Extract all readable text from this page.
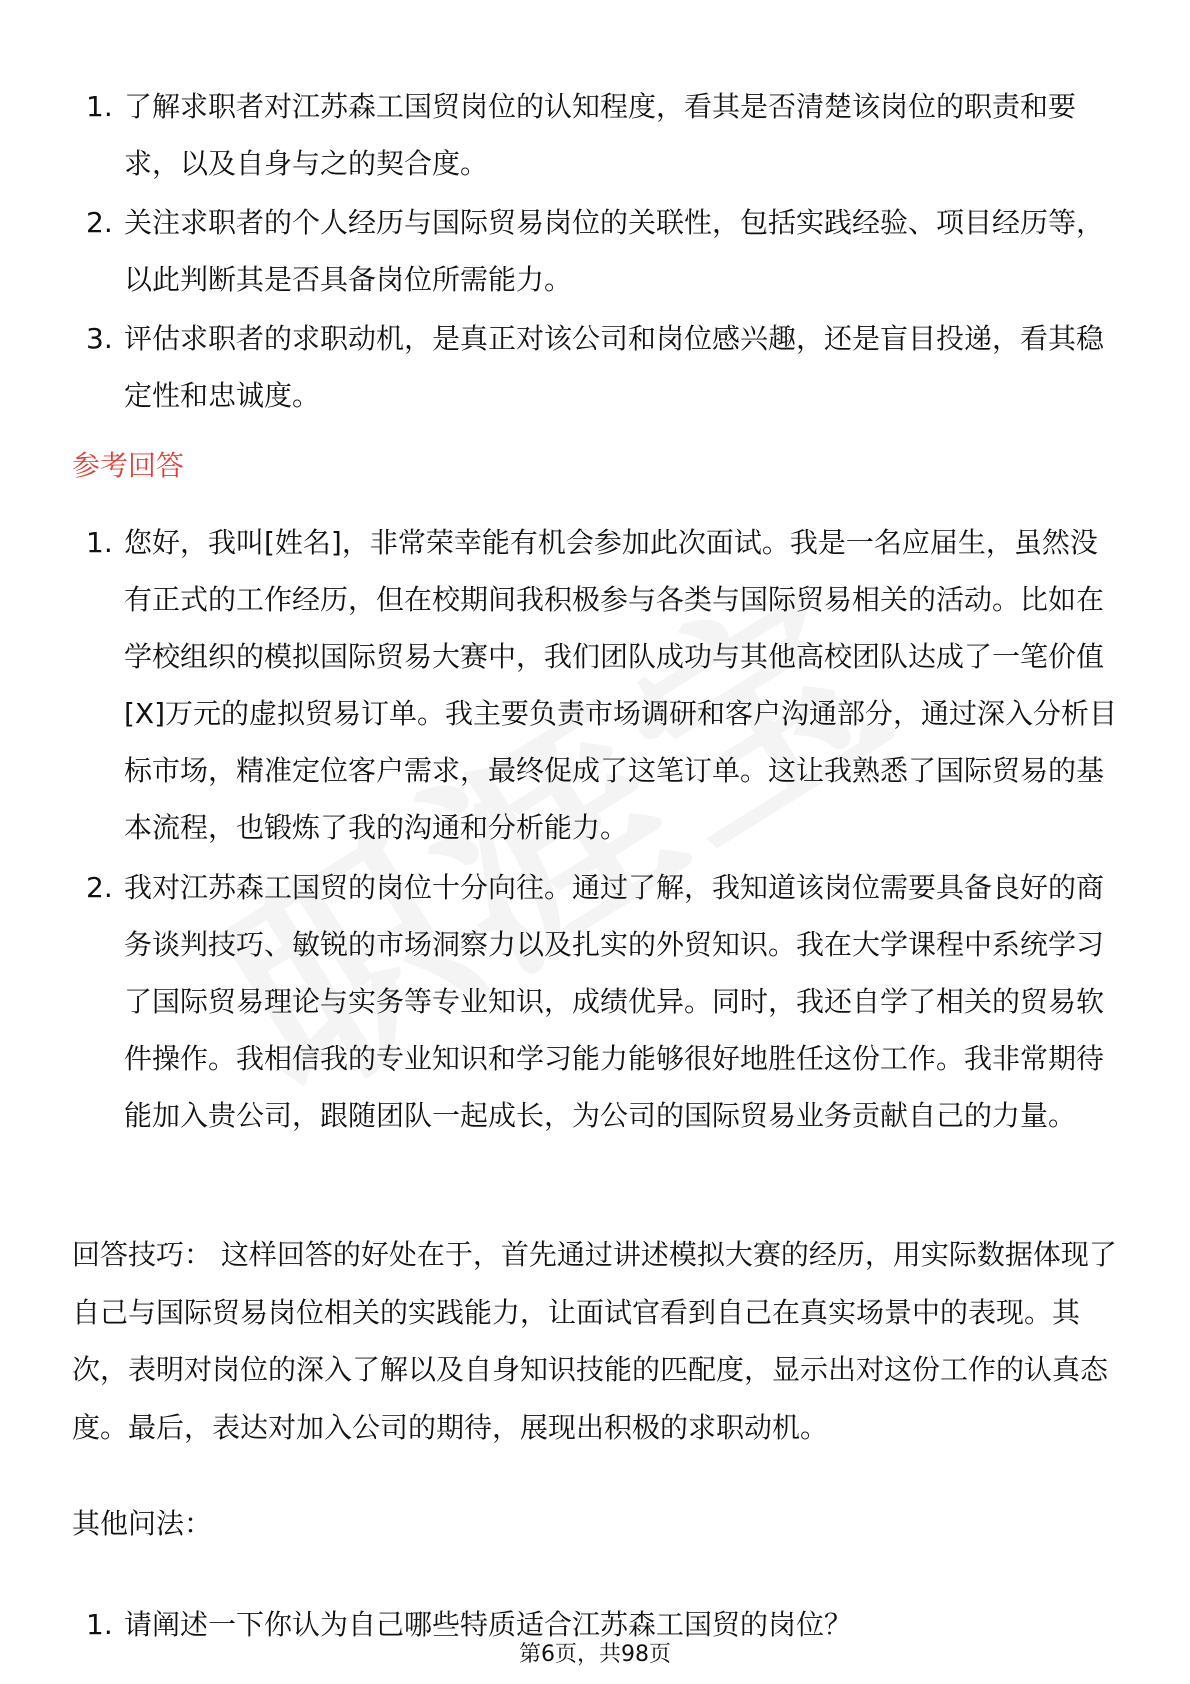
1. 了解求职者对江苏森工国贸岗位的认知程度，看其是否清楚该岗位的职责和要求，以及自身与之的契合度。
2. 关注求职者的个人经历与国际贸易岗位的关联性，包括实践经验、项目经历等，以此判断其是否具备岗位所需能力。
3. 评估求职者的求职动机，是真正对该公司和岗位感兴趣，还是盲目投递，看其稳定性和忠诚度。
参考回答
1. 您好，我叫[姓名]，非常荣幸能有机会参加此次面试。我是一名应届生，虽然没有正式的工作经历，但在校期间我积极参与各类与国际贸易相关的活动。比如在学校组织的模拟国际贸易大赛中，我们团队成功与其他高校团队达成了一笔价值[X]万元的虚拟贸易订单。我主要负责市场调研和客户沟通部分，通过深入分析目标市场，精准定位客户需求，最终促成了这笔订单。这让我熟悉了国际贸易的基本流程，也锻炼了我的沟通和分析能力。
2. 我对江苏森工国贸的岗位十分向往。通过了解，我知道该岗位需要具备良好的商务谈判技巧、敏锐的市场洞察力以及扎实的外贸知识。我在大学课程中系统学习了国际贸易理论与实务等专业知识，成绩优异。同时，我还自学了相关的贸易软件操作。我相信我的专业知识和学习能力能够很好地胜任这份工作。我非常期待能加入贵公司，跟随团队一起成长，为公司的国际贸易业务贡献自己的力量。
回答技巧： 这样回答的好处在于，首先通过讲述模拟大赛的经历，用实际数据体现了自己与国际贸易岗位相关的实践能力，让面试官看到自己在真实场景中的表现。其次，表明对岗位的深入了解以及自身知识技能的匹配度，显示出对这份工作的认真态度。最后，表达对加入公司的期待，展现出积极的求职动机。
其他问法：
1. 请阐述一下你认为自己哪些特质适合江苏森工国贸的岗位？
第6页，共98页
